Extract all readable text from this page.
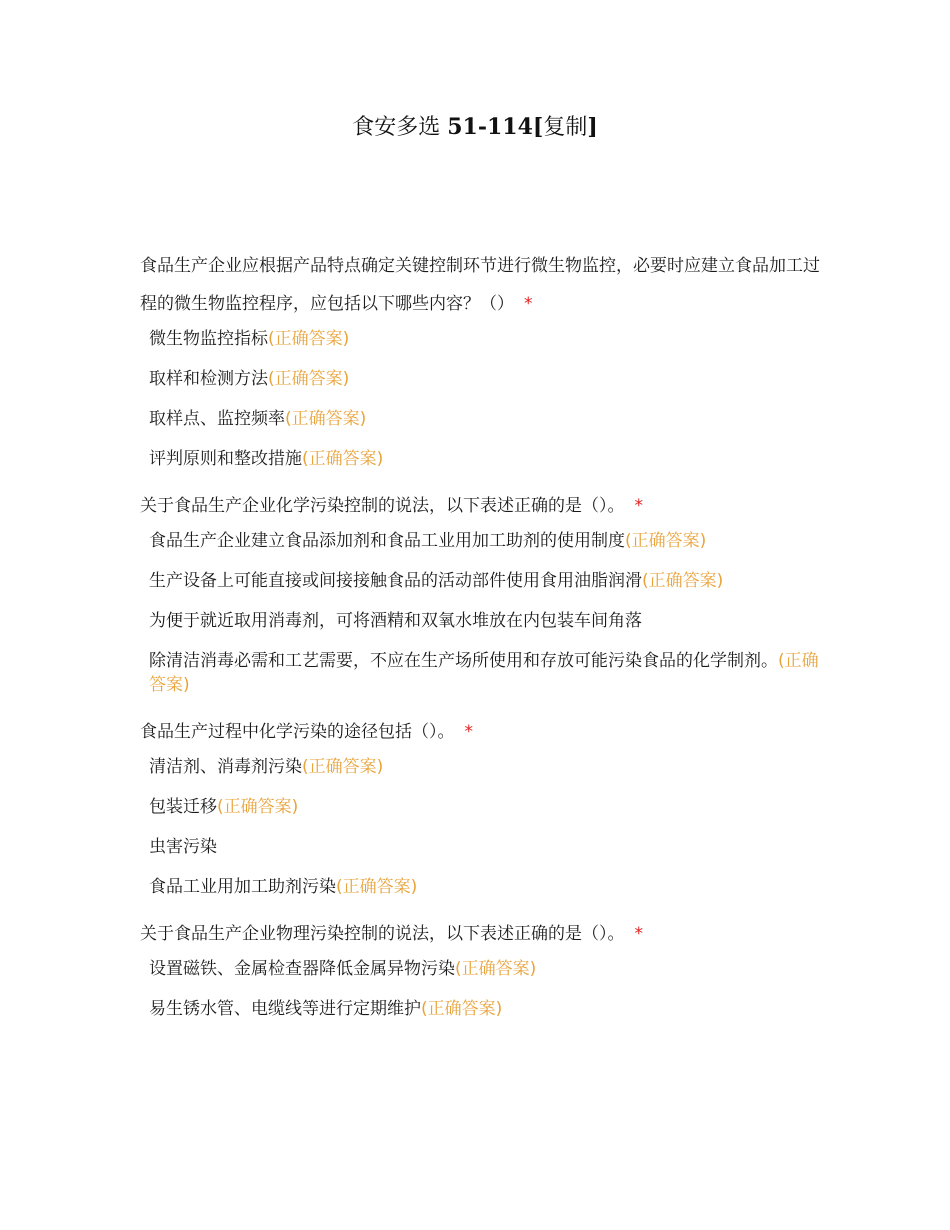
食安多选 51-114[复制]

食品生产企业应根据产品特点确定关键控制环节进行微生物监控，必要时应建立食品加工过程的微生物监控程序，应包括以下哪些内容？（） *

微生物监控指标(正确答案)
取样和检测方法(正确答案)
取样点、监控频率(正确答案)
评判原则和整改措施(正确答案)

关于食品生产企业化学污染控制的说法，以下表述正确的是（）。 *

食品生产企业建立食品添加剂和食品工业用加工助剂的使用制度(正确答案)
生产设备上可能直接或间接接触食品的活动部件使用食用油脂润滑(正确答案)
为便于就近取用消毒剂，可将酒精和双氧水堆放在内包装车间角落
除清洁消毒必需和工艺需要，不应在生产场所使用和存放可能污染食品的化学制剂。(正确答案)

食品生产过程中化学污染的途径包括（）。 *

清洁剂、消毒剂污染(正确答案)
包装迁移(正确答案)
虫害污染
食品工业用加工助剂污染(正确答案)

关于食品生产企业物理污染控制的说法，以下表述正确的是（）。 *

设置磁铁、金属检查器降低金属异物污染(正确答案)
易生锈水管、电缆线等进行定期维护(正确答案)
